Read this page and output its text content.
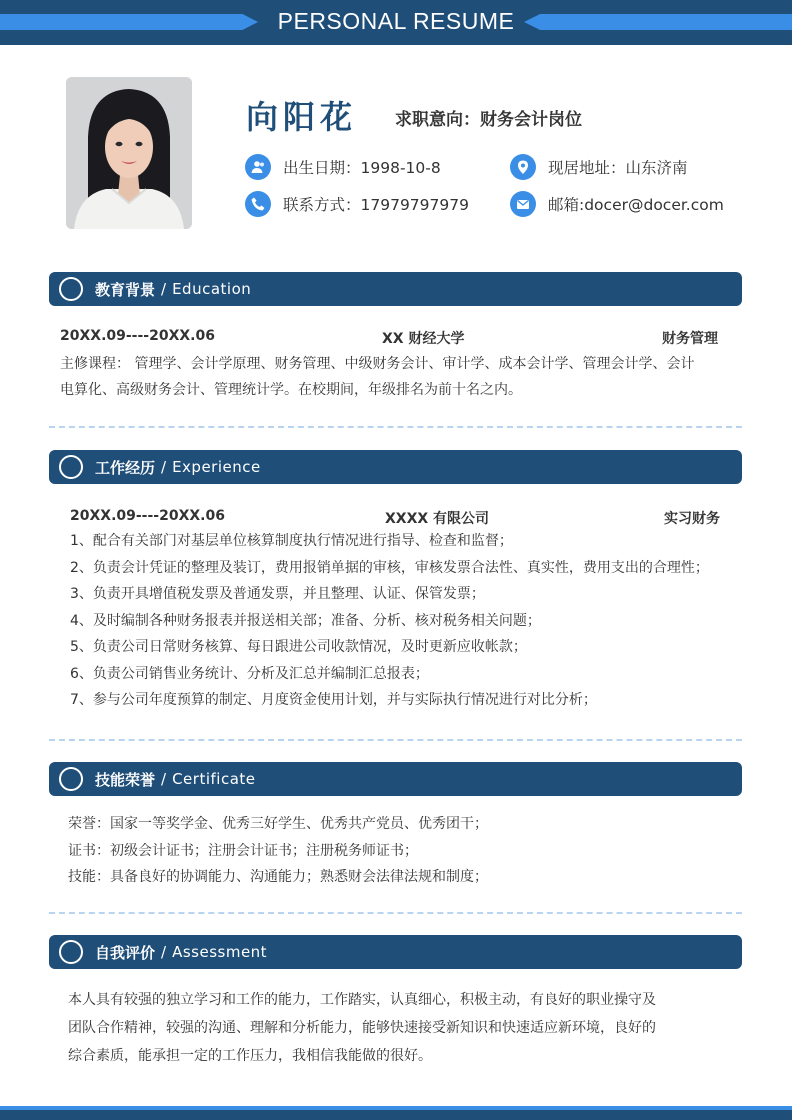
PERSONAL RESUME
向阳花 求职意向：财务会计岗位
出生日期：1998-10-8	现居地址：山东济南
联系方式：17979797979	邮箱:docer@docer.com
教育背景 / Education
20XX.09----20XX.06	XX 财经大学	财务管理
主修课程： 管理学、会计学原理、财务管理、中级财务会计、审计学、成本会计学、管理会计学、会计
电算化、高级财务会计、管理统计学。在校期间，年级排名为前十名之内。
工作经历 / Experience
20XX.09----20XX.06	XXXX 有限公司	实习财务
1、配合有关部门对基层单位核算制度执行情况进行指导、检查和监督；
2、负责会计凭证的整理及装订，费用报销单据的审核，审核发票合法性、真实性，费用支出的合理性；
3、负责开具增值税发票及普通发票，并且整理、认证、保管发票；
4、及时编制各种财务报表并报送相关部；准备、分析、核对税务相关问题；
5、负责公司日常财务核算、每日跟进公司收款情况，及时更新应收帐款；
6、负责公司销售业务统计、分析及汇总并编制汇总报表；
7、参与公司年度预算的制定、月度资金使用计划，并与实际执行情况进行对比分析；
技能荣誉 / Certificate
荣誉：国家一等奖学金、优秀三好学生、优秀共产党员、优秀团干；
证书：初级会计证书；注册会计证书；注册税务师证书；
技能：具备良好的协调能力、沟通能力；熟悉财会法律法规和制度；
自我评价 / Assessment
本人具有较强的独立学习和工作的能力，工作踏实，认真细心，积极主动，有良好的职业操守及
团队合作精神，较强的沟通、理解和分析能力，能够快速接受新知识和快速适应新环境，良好的
综合素质，能承担一定的工作压力，我相信我能做的很好。
